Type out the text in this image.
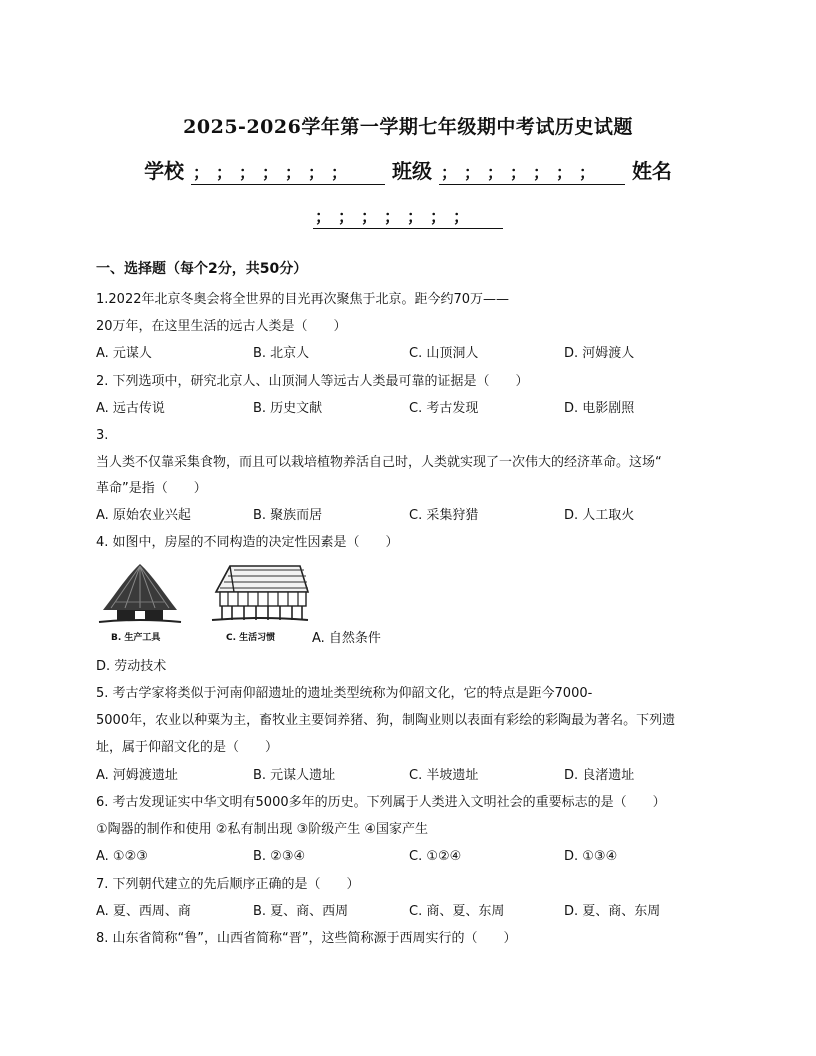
2025-2026学年第一学期七年级期中考试历史试题
学校 ；；；；；；； 班级 ；；；；；；； 姓名
；；；；；；；
一、选择题（每个2分，共50分）
1.2022年北京冬奥会将全世界的目光再次聚焦于北京。距今约70万——
20万年，在这里生活的远古人类是（　　）
A. 元谋人	B. 北京人	C. 山顶洞人	D. 河姆渡人
2. 下列选项中，研究北京人、山顶洞人等远古人类最可靠的证据是（　　）
A. 远古传说	B. 历史文献	C. 考古发现	D. 电影剧照
3.
当人类不仅靠采集食物，而且可以栽培植物养活自己时，人类就实现了一次伟大的经济革命。这场“
革命”是指（　　）
A. 原始农业兴起	B. 聚族而居	C. 采集狩猎	D. 人工取火
4. 如图中，房屋的不同构造的决定性因素是（　　）
B. 生产工具	C. 生活习惯	A. 自然条件
D. 劳动技术
5. 考古学家将类似于河南仰韶遗址的遗址类型统称为仰韶文化，它的特点是距今7000-
5000年，农业以种粟为主，畜牧业主要饲养猪、狗，制陶业则以表面有彩绘的彩陶最为著名。下列遗
址，属于仰韶文化的是（　　）
A. 河姆渡遗址	B. 元谋人遗址	C. 半坡遗址	D. 良渚遗址
6. 考古发现证实中华文明有5000多年的历史。下列属于人类进入文明社会的重要标志的是（　　）
①陶器的制作和使用 ②私有制出现 ③阶级产生 ④国家产生
A. ①②③	B. ②③④	C. ①②④	D. ①③④
7. 下列朝代建立的先后顺序正确的是（　　）
A. 夏、西周、商	B. 夏、商、西周	C. 商、夏、东周	D. 夏、商、东周
8. 山东省简称“鲁”，山西省简称“晋”，这些简称源于西周实行的（　　）
